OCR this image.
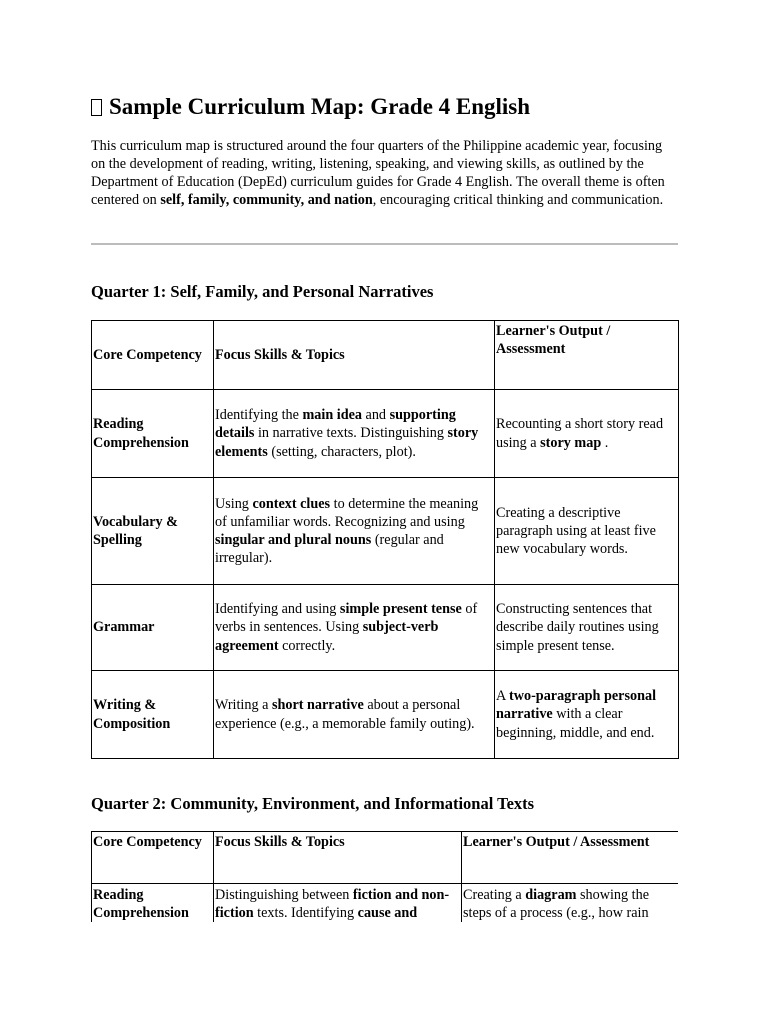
Sample Curriculum Map: Grade 4 English

This curriculum map is structured around the four quarters of the Philippine academic year, focusing on the development of reading, writing, listening, speaking, and viewing skills, as outlined by the Department of Education (DepEd) curriculum guides for Grade 4 English. The overall theme is often centered on self, family, community, and nation, encouraging critical thinking and communication.

Quarter 1: Self, Family, and Personal Narratives
Core Competency	Focus Skills & Topics	Learner's Output / Assessment
Reading Comprehension	Identifying the main idea and supporting details in narrative texts. Distinguishing story elements (setting, characters, plot).	Recounting a short story read using a story map .
Vocabulary & Spelling	Using context clues to determine the meaning of unfamiliar words. Recognizing and using singular and plural nouns (regular and irregular).	Creating a descriptive paragraph using at least five new vocabulary words.
Grammar	Identifying and using simple present tense of verbs in sentences. Using subject-verb agreement correctly.	Constructing sentences that describe daily routines using simple present tense.
Writing & Composition	Writing a short narrative about a personal experience (e.g., a memorable family outing).	A two-paragraph personal narrative with a clear beginning, middle, and end.
Quarter 2: Community, Environment, and Informational Texts
Core Competency	Focus Skills & Topics	Learner's Output / Assessment
Reading Comprehension	Distinguishing between fiction and non-fiction texts. Identifying cause and	Creating a diagram showing the steps of a process (e.g., how rain
